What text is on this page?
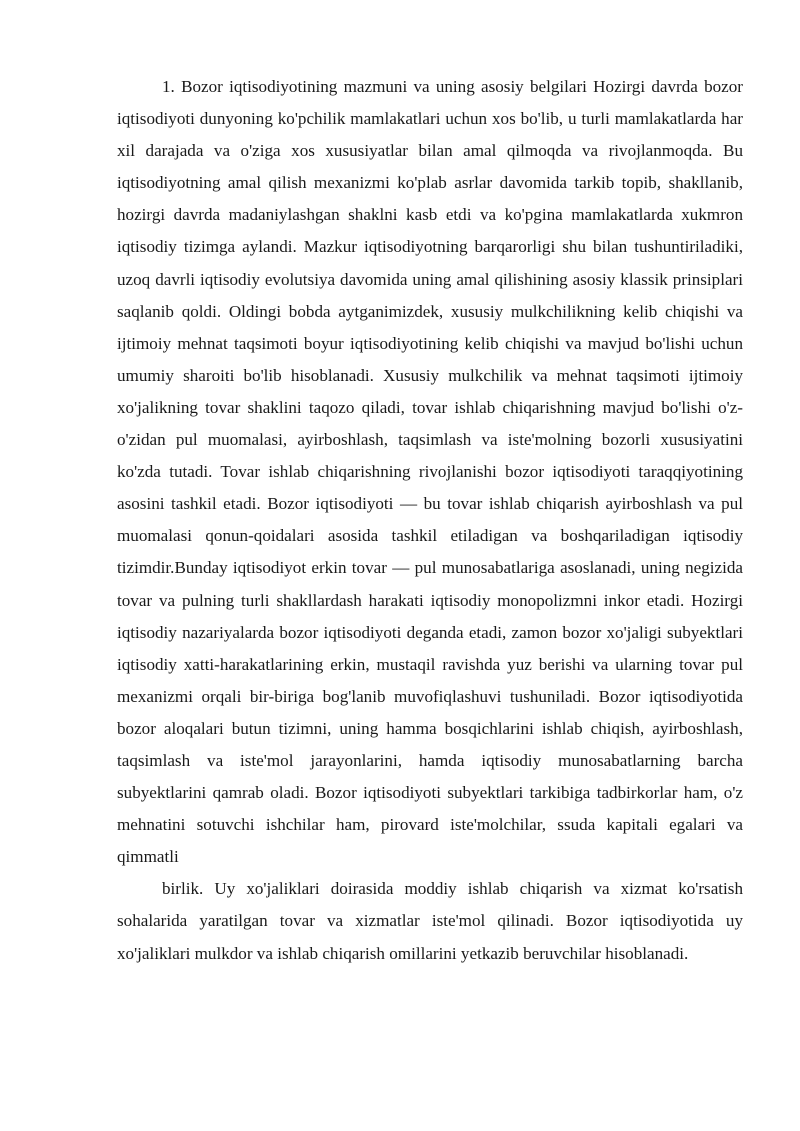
1. Bozor iqtisodiyotining mazmuni va uning asosiy belgilari Hozirgi davrda bozor iqtisodiyoti dunyoning ko'pchilik mamlakatlari uchun xos bo'lib, u turli mamlakatlarda har xil darajada va o'ziga xos xususiyatlar bilan amal qilmoqda va rivojlanmoqda. Bu iqtisodiyotning amal qilish mexanizmi ko'plab asrlar davomida tarkib topib, shakllanib, hozirgi davrda madaniylashgan shaklni kasb etdi va ko'pgina mamlakatlarda xukmron iqtisodiy tizimga aylandi. Mazkur iqtisodiyotning barqarorligi shu bilan tushuntiriladiki, uzoq davrli iqtisodiy evolutsiya davomida uning amal qilishining asosiy klassik prinsiplari saqlanib qoldi. Oldingi bobda aytganimizdek, xususiy mulkchilikning kelib chiqishi va ijtimoiy mehnat taqsimoti boyur iqtisodiyotining kelib chiqishi va mavjud bo'lishi uchun umumiy sharoiti bo'lib hisoblanadi. Xususiy mulkchilik va mehnat taqsimoti ijtimoiy xo'jalikning tovar shaklini taqozo qiladi, tovar ishlab chiqarishning mavjud bo'lishi o'z-o'zidan pul muomalasi, ayirboshlash, taqsimlash va iste'molning bozorli xususiyatini ko'zda tutadi. Tovar ishlab chiqarishning rivojlanishi bozor iqtisodiyoti taraqqiyotining asosini tashkil etadi. Bozor iqtisodiyoti — bu tovar ishlab chiqarish ayirboshlash va pul muomalasi qonun-qoidalari asosida tashkil etiladigan va boshqariladigan iqtisodiy tizimdir.Bunday iqtisodiyot erkin tovar — pul munosabatlariga asoslanadi, uning negizida tovar va pulning turli shakllardash harakati iqtisodiy monopolizmni inkor etadi. Hozirgi iqtisodiy nazariyalarda bozor iqtisodiyoti deganda etadi, zamon bozor xo'jaligi subyektlari iqtisodiy xatti-harakatlarining erkin, mustaqil ravishda yuz berishi va ularning tovar pul mexanizmi orqali bir-biriga bog'lanib muvofiqlashuvi tushuniladi. Bozor iqtisodiyotida bozor aloqalari butun tizimni, uning hamma bosqichlarini ishlab chiqish, ayirboshlash, taqsimlash va iste'mol jarayonlarini, hamda iqtisodiy munosabatlarning barcha subyektlarini qamrab oladi. Bozor iqtisodiyoti subyektlari tarkibiga tadbirkorlar ham, o'z mehnatini sotuvchi ishchilar ham, pirovard iste'molchilar, ssuda kapitali egalari va qimmatli

birlik. Uy xo'jaliklari doirasida moddiy ishlab chiqarish va xizmat ko'rsatish sohalarida yaratilgan tovar va xizmatlar iste'mol qilinadi. Bozor iqtisodiyotida uy xo'jaliklari mulkdor va ishlab chiqarish omillarini yetkazib beruvchilar hisoblanadi.
